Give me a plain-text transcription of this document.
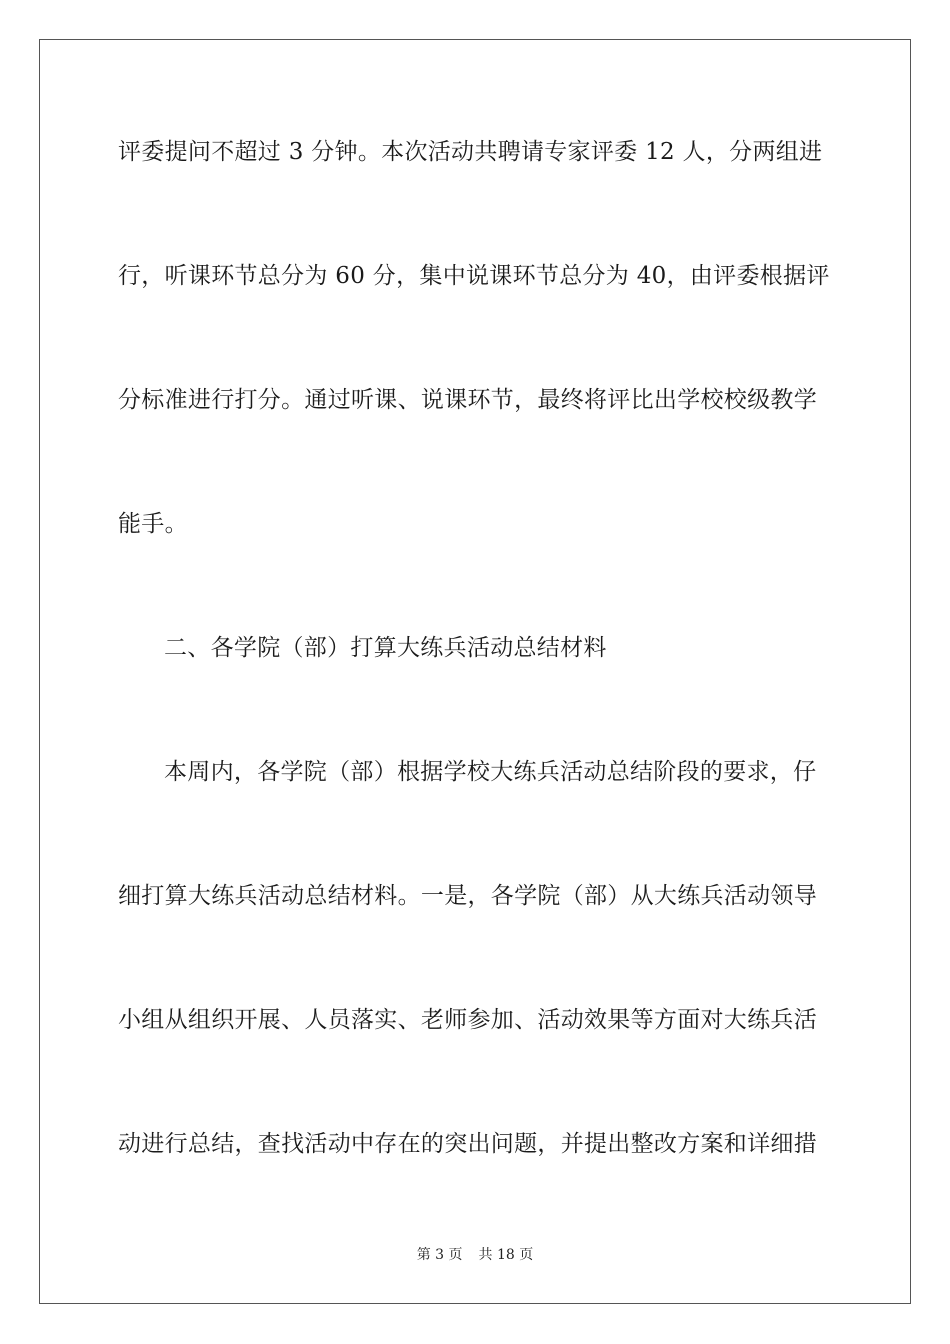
评委提问不超过 3 分钟。本次活动共聘请专家评委 12 人，分两组进
行，听课环节总分为 60 分，集中说课环节总分为 40，由评委根据评
分标准进行打分。通过听课、说课环节，最终将评比出学校校级教学
能手。
二、各学院（部）打算大练兵活动总结材料
本周内，各学院（部）根据学校大练兵活动总结阶段的要求，仔
细打算大练兵活动总结材料。一是，各学院（部）从大练兵活动领导
小组从组织开展、人员落实、老师参加、活动效果等方面对大练兵活
动进行总结，查找活动中存在的突出问题，并提出整改方案和详细措
第 3 页 共 18 页
